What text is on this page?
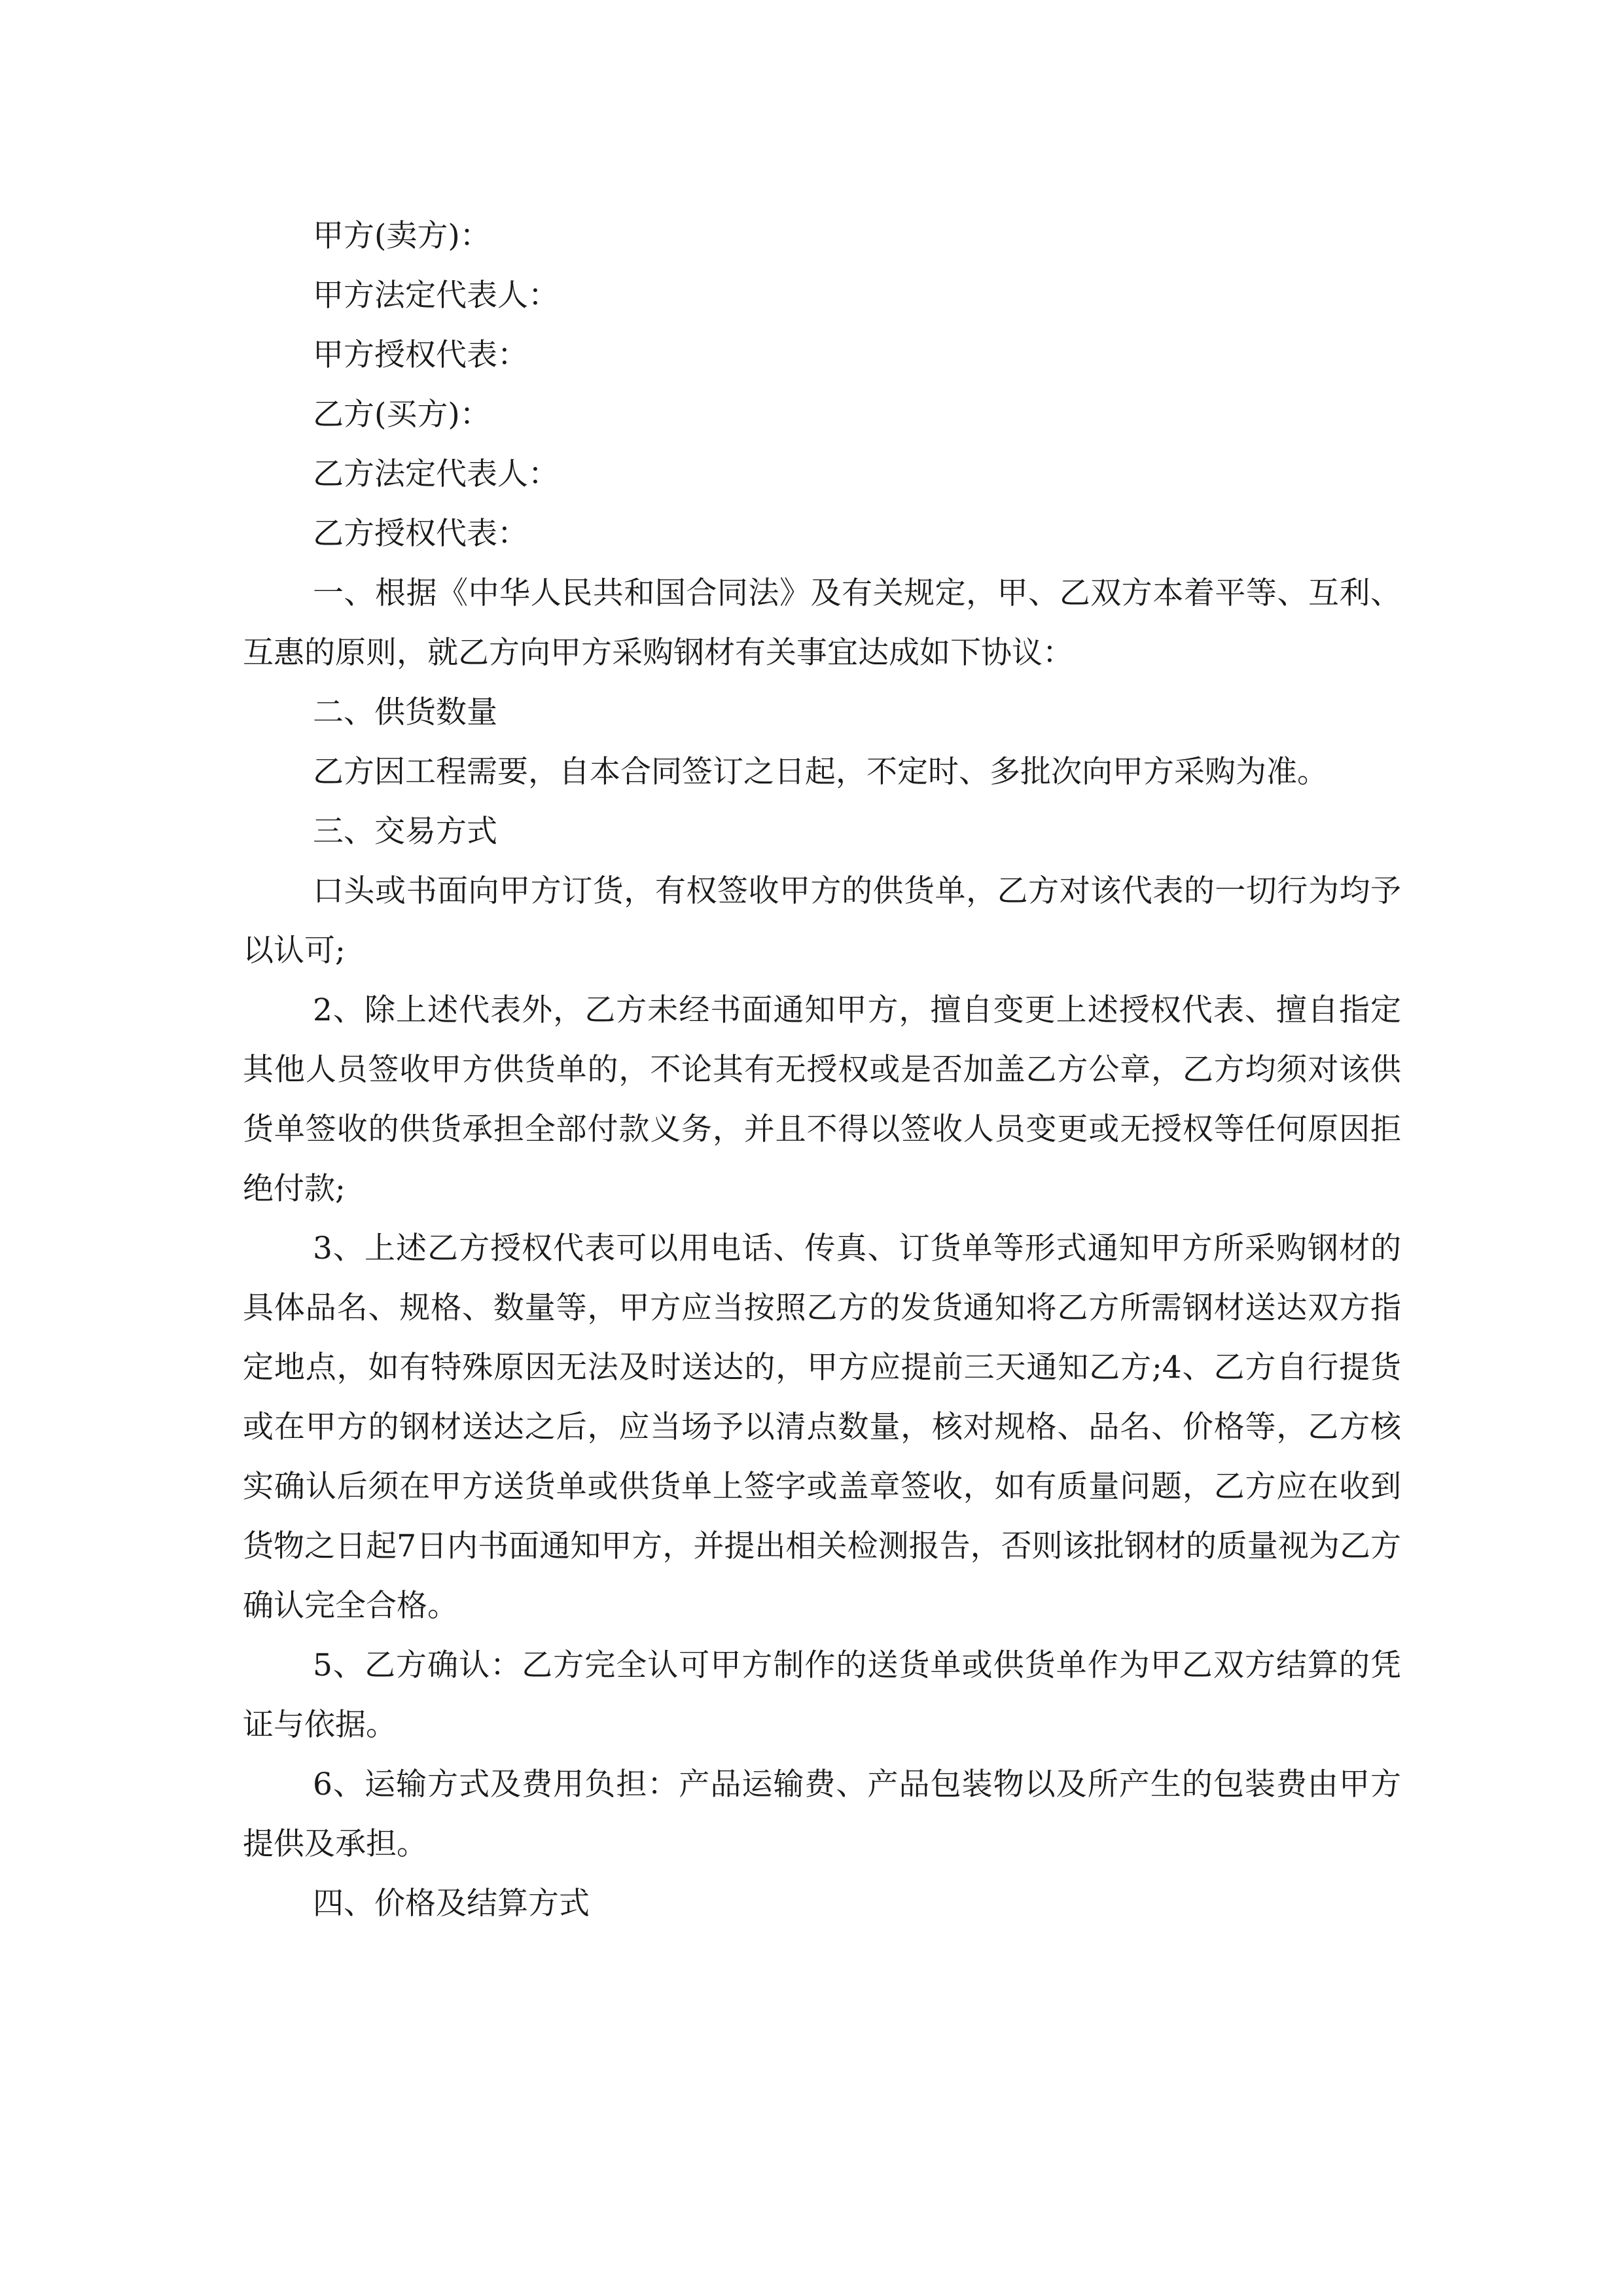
甲方(卖方)：

甲方法定代表人：

甲方授权代表：

乙方(买方)：

乙方法定代表人：

乙方授权代表：

一、根据《中华人民共和国合同法》及有关规定，甲、乙双方本着平等、互利、互惠的原则，就乙方向甲方采购钢材有关事宜达成如下协议：

二、供货数量

乙方因工程需要，自本合同签订之日起，不定时、多批次向甲方采购为准。

三、交易方式

口头或书面向甲方订货，有权签收甲方的供货单，乙方对该代表的一切行为均予以认可;

2、除上述代表外，乙方未经书面通知甲方，擅自变更上述授权代表、擅自指定其他人员签收甲方供货单的，不论其有无授权或是否加盖乙方公章，乙方均须对该供货单签收的供货承担全部付款义务，并且不得以签收人员变更或无授权等任何原因拒绝付款;

3、上述乙方授权代表可以用电话、传真、订货单等形式通知甲方所采购钢材的具体品名、规格、数量等，甲方应当按照乙方的发货通知将乙方所需钢材送达双方指定地点，如有特殊原因无法及时送达的，甲方应提前三天通知乙方;4、乙方自行提货或在甲方的钢材送达之后，应当场予以清点数量，核对规格、品名、价格等，乙方核实确认后须在甲方送货单或供货单上签字或盖章签收，如有质量问题，乙方应在收到货物之日起7日内书面通知甲方，并提出相关检测报告，否则该批钢材的质量视为乙方确认完全合格。

5、乙方确认：乙方完全认可甲方制作的送货单或供货单作为甲乙双方结算的凭证与依据。

6、运输方式及费用负担：产品运输费、产品包装物以及所产生的包装费由甲方提供及承担。

四、价格及结算方式
